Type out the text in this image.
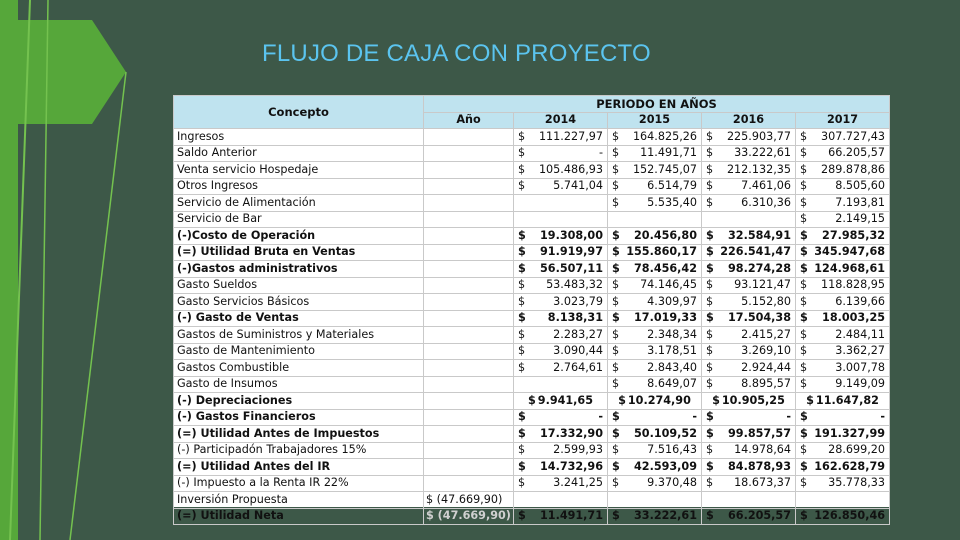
FLUJO DE CAJA CON PROYECTO
Concepto	PERIODO EN AÑOS				
	Año	2014	2015	2016	2017
Ingresos		$ 111.227,97	$ 164.825,26	$ 225.903,77	$ 307.727,43

Saldo Anterior		$ -	$ 11.491,71	$ 33.222,61	$ 66.205,57

Venta servicio Hospedaje		$ 105.486,93	$ 152.745,07	$ 212.132,35	$ 289.878,86

Otros Ingresos		$ 5.741,04	$ 6.514,79	$ 7.461,06	$ 8.505,60

Servicio de Alimentación			$ 5.535,40	$ 6.310,36	$ 7.193,81

Servicio de Bar					$ 2.149,15

(-)Costo de Operación		$ 19.308,00	$ 20.456,80	$ 32.584,91	$ 27.985,32

(=) Utilidad Bruta en Ventas		$ 91.919,97	$ 155.860,17	$ 226.541,47	$ 345.947,68

(-)Gastos administrativos		$ 56.507,11	$ 78.456,42	$ 98.274,28	$ 124.968,61

Gasto Sueldos		$ 53.483,32	$ 74.146,45	$ 93.121,47	$ 118.828,95

Gasto Servicios Básicos		$ 3.023,79	$ 4.309,97	$ 5.152,80	$ 6.139,66

(-) Gasto de Ventas		$ 8.138,31	$ 17.019,33	$ 17.504,38	$ 18.003,25

Gastos de Suministros y Materiales		$ 2.283,27	$ 2.348,34	$ 2.415,27	$ 2.484,11

Gasto de Mantenimiento		$ 3.090,44	$ 3.178,51	$ 3.269,10	$ 3.362,27

Gastos Combustible		$ 2.764,61	$ 2.843,40	$ 2.924,44	$ 3.007,78

Gasto de Insumos			$ 8.649,07	$ 8.895,57	$ 9.149,09

(-) Depreciaciones		$ 9.941,65	$ 10.274,90	$ 10.905,25	$ 11.647,82

(-) Gastos Financieros		$ -	$ -	$ -	$ -

(=) Utilidad Antes de Impuestos		$ 17.332,90	$ 50.109,52	$ 99.857,57	$ 191.327,99

(-) Participadón Trabajadores 15%		$ 2.599,93	$ 7.516,43	$ 14.978,64	$ 28.699,20

(=) Utilidad Antes del IR		$ 14.732,96	$ 42.593,09	$ 84.878,93	$ 162.628,79

(-) Impuesto a la Renta IR 22%		$ 3.241,25	$ 9.370,48	$ 18.673,37	$ 35.778,33

Inversión Propuesta	$ (47.669,90)	

(=) Utilidad Neta	$ (47.669,90)	$ 11.491,71	$ 33.222,61	$ 66.205,57	$ 126.850,46
